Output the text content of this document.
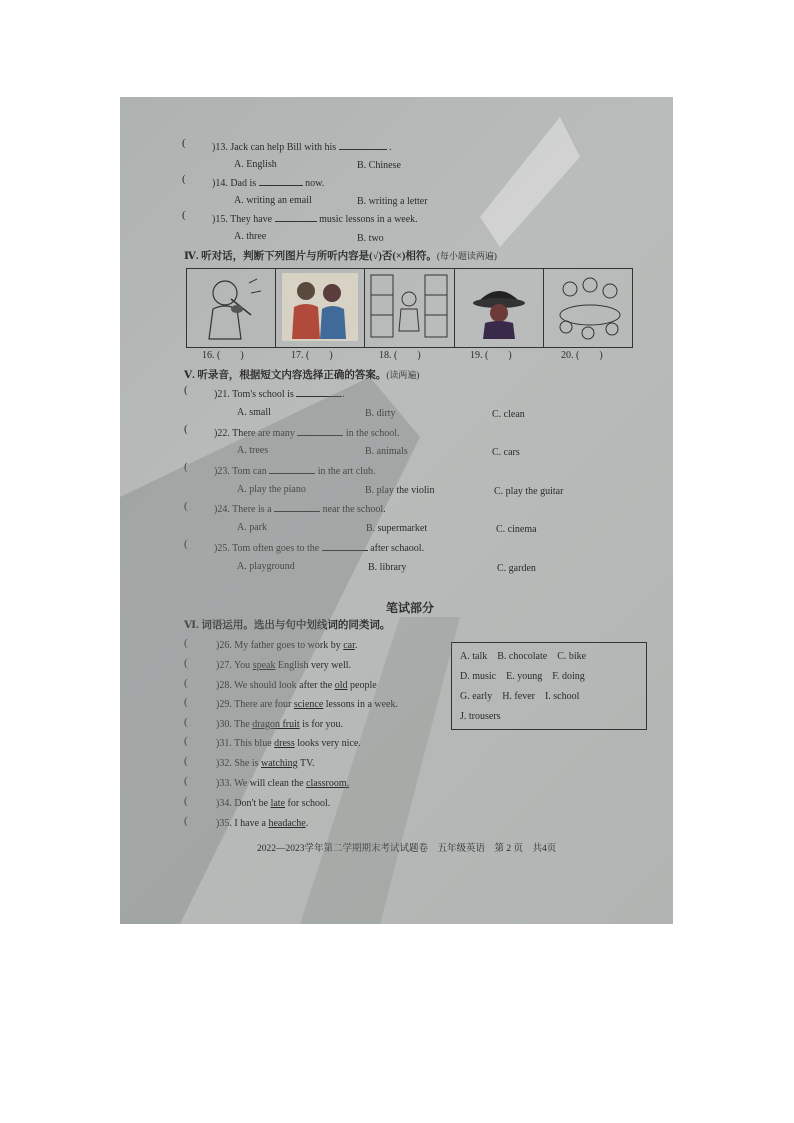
(	)13. Jack can help Bill with his	.
A. English	B. Chinese
(	)14. Dad is	now.
A. writing an email	B. writing a letter
(	)15. They have	music lessons in a week.
A. three	B. two
Ⅳ. 听对话，判断下列图片与所听内容是(√)否(×)相符。(每小题读两遍)
16. (　　)	17. (　　)	18. (　　)	19. (　　)	20. (　　)
Ⅴ. 听录音，根据短文内容选择正确的答案。(读两遍)
(	)21. Tom's school is	.
A. small	B. dirty	C. clean
(	)22. There are many	in the school.
A. trees	B. animals	C. cars
(	)23. Tom can	in the art club.
A. play the piano	B. play the violin	C. play the guitar
(	)24. There is a	near the school.
A. park	B. supermarket	C. cinema
(	)25. Tom often goes to the	after schaool.
A. playground	B. library	C. garden
笔试部分
Ⅵ. 词语运用。选出与句中划线词的同类词。
(	)26. My father goes to work by car.
(	)27. You speak English very well.
(	)28. We should look after the old people
(	)29. There are four science lessons in a week.
(	)30. The dragon fruit is for you.
(	)31. This blue dress looks very nice.
(	)32. She is watching TV.
(	)33. We will clean the classroom.
(	)34. Don't be late for school.
(	)35. I have a headache.
A. talk　B. chocolate　C. bike
D. music　E. young　F. doing
G. early　H. fever　I. school
J. trousers
2022—2023学年第二学期期末考试试题卷　五年级英语　第 2 页　共4页
